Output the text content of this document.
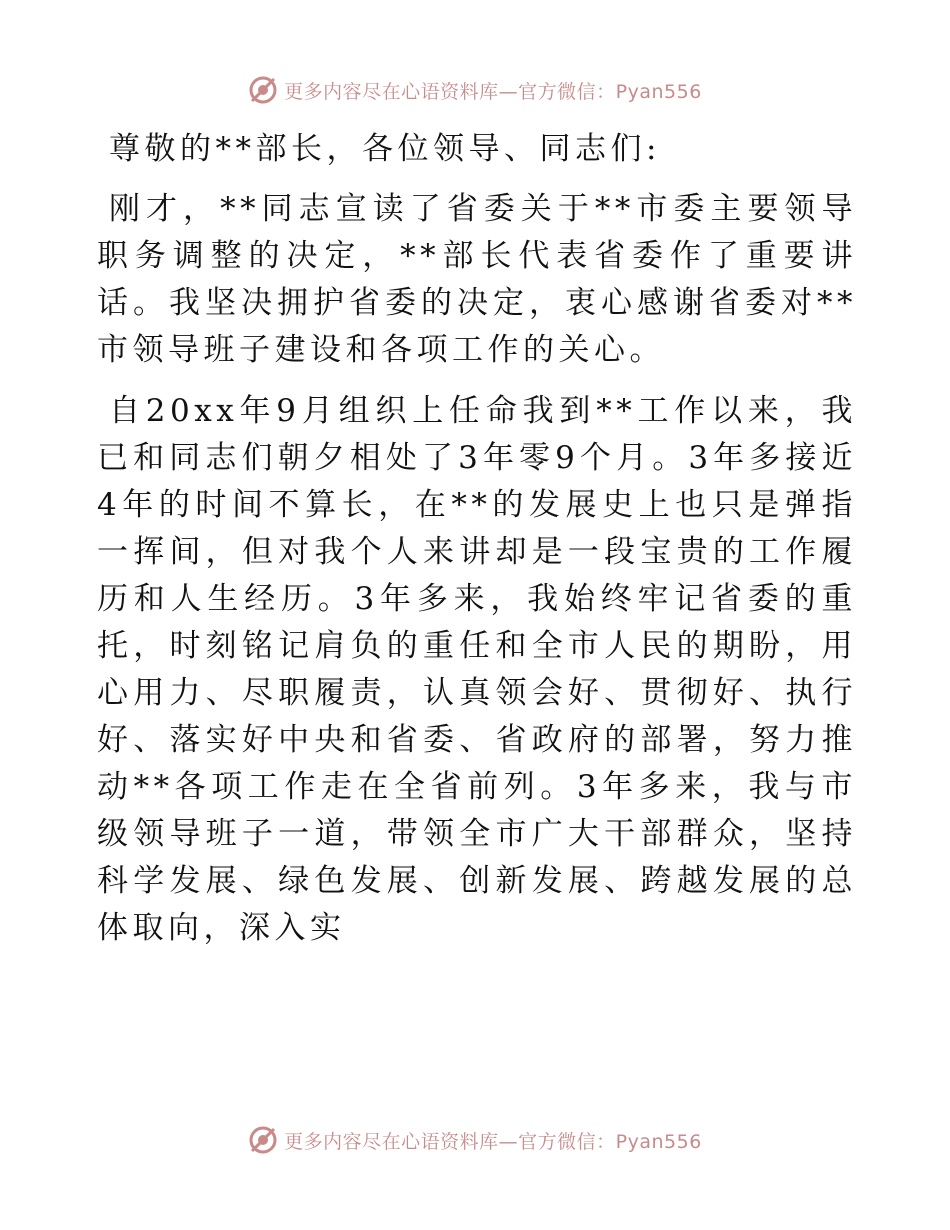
更多内容尽在心语资料库—官方微信：Pyan556

尊敬的**部长，各位领导、同志们:

刚才，**同志宣读了省委关于**市委主要领导职务调整的决定，**部长代表省委作了重要讲话。我坚决拥护省委的决定，衷心感谢省委对**市领导班子建设和各项工作的关心。

自20xx年9月组织上任命我到**工作以来，我已和同志们朝夕相处了3年零9个月。3年多接近4年的时间不算长，在**的发展史上也只是弹指一挥间，但对我个人来讲却是一段宝贵的工作履历和人生经历。3年多来，我始终牢记省委的重托，时刻铭记肩负的重任和全市人民的期盼，用心用力、尽职履责，认真领会好、贯彻好、执行好、落实好中央和省委、省政府的部署，努力推动**各项工作走在全省前列。3年多来，我与市级领导班子一道，带领全市广大干部群众，坚持科学发展、绿色发展、创新发展、跨越发展的总体取向，深入实

更多内容尽在心语资料库—官方微信：Pyan556
